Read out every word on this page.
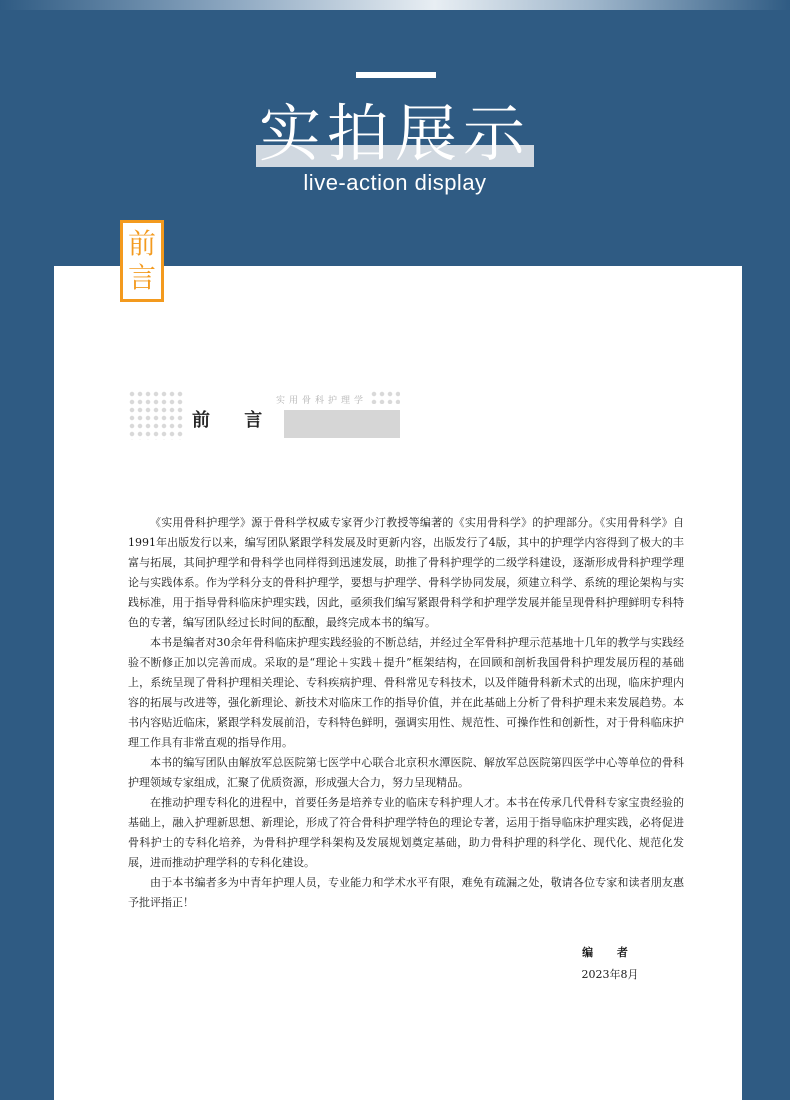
实拍展示
live-action display
前
言
实用骨科护理学
前 言

《实用骨科护理学》源于骨科学权威专家胥少汀教授等编著的《实用骨科学》的护理部分。《实用骨科学》自1991年出版发行以来，编写团队紧跟学科发展及时更新内容，出版发行了4版，其中的护理学内容得到了极大的丰富与拓展，其间护理学和骨科学也同样得到迅速发展，助推了骨科护理学的二级学科建设，逐渐形成骨科护理学理论与实践体系。作为学科分支的骨科护理学，要想与护理学、骨科学协同发展，须建立科学、系统的理论架构与实践标准，用于指导骨科临床护理实践，因此，亟须我们编写紧跟骨科学和护理学发展并能呈现骨科护理鲜明专科特色的专著，编写团队经过长时间的酝酿，最终完成本书的编写。

本书是编者对30余年骨科临床护理实践经验的不断总结，并经过全军骨科护理示范基地十几年的教学与实践经验不断修正加以完善而成。采取的是“理论＋实践＋提升”框架结构，在回顾和剖析我国骨科护理发展历程的基础上，系统呈现了骨科护理相关理论、专科疾病护理、骨科常见专科技术，以及伴随骨科新术式的出现，临床护理内容的拓展与改进等，强化新理论、新技术对临床工作的指导价值，并在此基础上分析了骨科护理未来发展趋势。本书内容贴近临床，紧跟学科发展前沿，专科特色鲜明，强调实用性、规范性、可操作性和创新性，对于骨科临床护理工作具有非常直观的指导作用。

本书的编写团队由解放军总医院第七医学中心联合北京积水潭医院、解放军总医院第四医学中心等单位的骨科护理领域专家组成，汇聚了优质资源，形成强大合力，努力呈现精品。

在推动护理专科化的进程中，首要任务是培养专业的临床专科护理人才。本书在传承几代骨科专家宝贵经验的基础上，融入护理新思想、新理论，形成了符合骨科护理学特色的理论专著，运用于指导临床护理实践，必将促进骨科护士的专科化培养，为骨科护理学科架构及发展规划奠定基础，助力骨科护理的科学化、现代化、规范化发展，进而推动护理学科的专科化建设。

由于本书编者多为中青年护理人员，专业能力和学术水平有限，难免有疏漏之处，敬请各位专家和读者朋友惠予批评指正！

编 者
2023年8月
